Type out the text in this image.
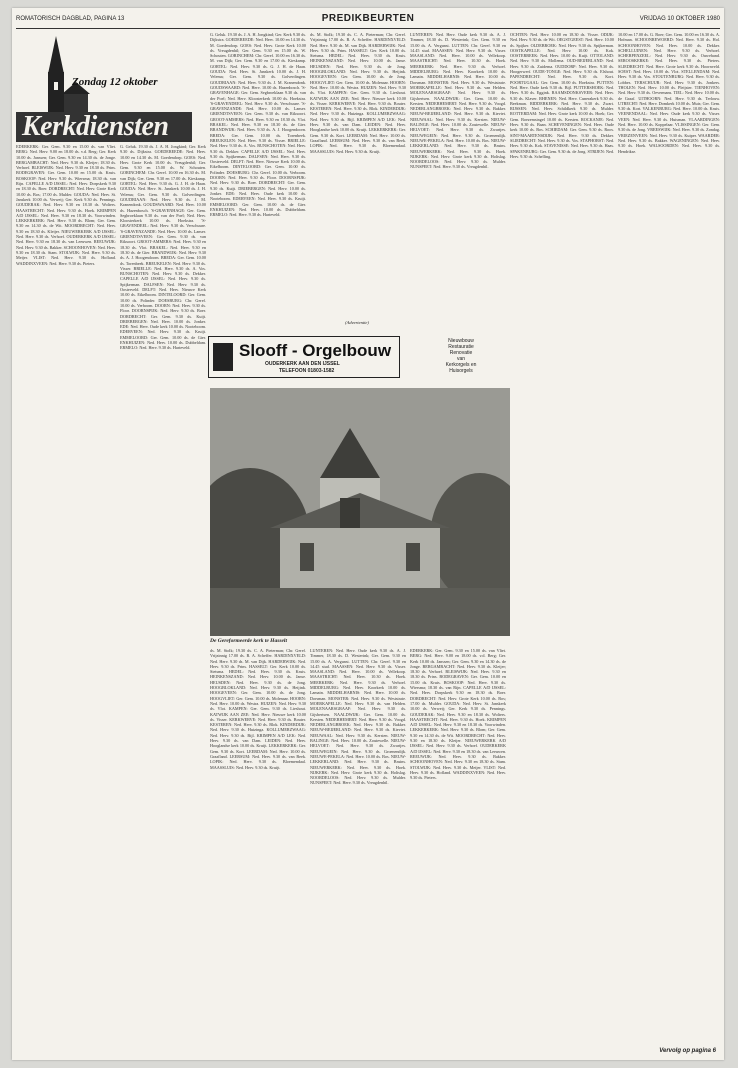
ROMATORISCH DAGBLAD, PAGINA 13	PREDIKBEURTEN	VRIJDAG 10 OKTOBER 1980
Zondag 12 oktober
Kerkdiensten

EDERKERK: Ger. Gem. 9.30 en 15.00 ds. van Vliet. BERG: Ned. Herv. 9.00 en 18.00 ds. v.d. Berg; Ger. Kerk 10.00 ds. Janssen; Ger. Gem. 9.30 en 14.30 ds. de Jonge. BERGAMBACHT: Ned. Herv. 9.30 ds. Kleijer; 18.30 ds. Verhoef. BLEISWIJK: Ned. Herv. 9.30 en 18.30 ds. Prins. BODEGRAVEN: Ger. Gem. 10.00 en 15.00 ds. Kruis. BOSKOOP: Ned. Herv. 9.30 ds. Wiersma; 18.30 ds. van Rijn. CAPELLE A/D IJSSEL: Ned. Herv. Dorpskerk 9.30 en 18.30 ds. Boer. DORDRECHT: Ned. Herv. Grote Kerk 10.00 ds. Bos; 17.00 ds. Mulder. GOUDA: Ned. Herv. St. Janskerk 10.00 ds. Verweij; Ger. Kerk 9.30 ds. Pennings. GOUDERAK: Ned. Herv. 9.30 en 18.30 ds. Wolters. HAASTRECHT: Ned. Herv. 9.30 ds. Hoek. KRIMPEN A/D IJSSEL: Ned. Herv. 9.30 en 18.30 ds. Voorwinden. LEKKERKERK: Ned. Herv. 9.30 ds. Blom; Ger. Gem. 9.30 en 14.30 ds. de Wit. MOORDRECHT: Ned. Herv. 9.30 en 18.30 ds. Kleijer. NIEUWERKERK A/D IJSSEL: Ned. Herv. 9.30 ds. Verhoef. OUDERKERK A/D IJSSEL: Ned. Herv. 9.30 en 18.30 ds. van Leeuwen. REEUWIJK: Ned. Herv. 9.30 ds. Bakker. SCHOONHOVEN: Ned. Herv. 9.30 en 18.30 ds. Stam. STOLWIJK: Ned. Herv. 9.30 ds. Meijer. VLIST: Ned. Herv. 9.30 ds. Hofland. WADDINXVEEN: Ned. Herv. 9.30 ds. Pieters.

G. Geluk. 19.30 ds. J. A. H. Jongkind; Ger. Kerk 9.30 ds. Dijkstra. GOEDEREEDE: Ned. Herv. 10.00 en 14.30 ds. M. Goedendorp. GOES: Ned. Herv. Grote Kerk 10.00 ds. Vreugdenhil; Ger. Gem. 9.30 en 15.00 ds. W. Schouten. GORINCHEM: Chr. Geref. 10.00 en 16.30 ds. M. van Dijk; Ger. Gem. 9.30 en 17.00 ds. Kieskamp. GORTEL: Ned. Herv. 9.30 ds. G. J. H. de Haan. GOUDA: Ned. Herv. St. Janskerk 10.00 ds. J. H. Velema; Ger. Gem. 9.30 ds. Golverdingen. GOUDRIAAN: Ned. Herv. 9.30 ds. J. M. Kranendonk. GOUDSWAARD: Ned. Herv. 10.00 ds. Hazenbosch. 'S-GRAVENHAGE: Ger. Gem. Segbroeklaan 9.30 ds. van der Poel; Ned. Herv. Kloosterkerk 10.00 ds. Hoekstra. 'S-GRAVENDEEL: Ned. Herv. 9.30 ds. Verschuure. 'S-GRAVENZANDE: Ned. Herv. 10.00 ds. Lanser. GRIENDTSVEEN: Ger. Gem. 9.30 ds. van Rikxoort. GROOT-AMMERS: Ned. Herv. 9.30 en 18.30 ds. Vlot. BRAKEL: Ned. Herv. 9.30 en 18.30 ds. de Gier. BRANDWIJK: Ned. Herv. 9.30 ds. A. J. Hoogendoorn. BREDA: Ger. Gem. 10.00 ds. Torenbeek. BREUKELEN: Ned. Herv. 9.30 ds. Visser. BRIELLE: Ned. Herv. 9.30 ds. A. Vos. BUNSCHOTEN: Ned. Herv. 9.30 ds. Dekker. CAPELLE A/D IJSSEL: Ned. Herv. 9.30 ds. Spijkerman. DALFSEN: Ned. Herv. 9.30 ds. Oosterveld. DELFT: Ned. Herv. Nieuwe Kerk 10.00 ds. Eikelboom. DINTELOORD: Ger. Gem. 10.00 ds. Polinder. DOESBURG: Chr. Geref. 10.00 ds. Verboom. DOORN: Ned. Herv. 9.30 ds. Floor. DOORNSPIJK: Ned. Herv. 9.30 ds. Boer. DORDRECHT: Ger. Gem. 9.30 ds. Kuijt. DRIEBERGEN: Ned. Herv. 10.00 ds. Jonker. EDE: Ned. Herv. Oude kerk 10.00 ds. Nooteboom. EDERVEEN: Ned. Herv. 9.30 ds. Kruijt. EMMELOORD: Ger. Gem. 10.00 ds. de Gier. ENKHUIZEN: Ned. Herv. 10.00 ds. Dubbeldam. ERMELO: Ned. Herv. 9.30 ds. Harteveld.

G. Geluk. 19.30 ds. J. A. H. Jongkind; Ger. Kerk 9.30 ds. Dijkstra. GOEDEREEDE: Ned. Herv. 10.00 en 14.30 ds. M. Goedendorp. GOES: Ned. Herv. Grote Kerk 10.00 ds. Vreugdenhil; Ger. Gem. 9.30 en 15.00 ds. W. Schouten. GORINCHEM: Chr. Geref. 10.00 en 16.30 ds. M. van Dijk; Ger. Gem. 9.30 en 17.00 ds. Kieskamp. GORTEL: Ned. Herv. 9.30 ds. G. J. H. de Haan. GOUDA: Ned. Herv. St. Janskerk 10.00 ds. J. H. Velema; Ger. Gem. 9.30 ds. Golverdingen. GOUDRIAAN: Ned. Herv. 9.30 ds. J. M. Kranendonk. GOUDSWAARD: Ned. Herv. 10.00 ds. Hazenbosch. 'S-GRAVENHAGE: Ger. Gem. Segbroeklaan 9.30 ds. van der Poel; Ned. Herv. Kloosterkerk 10.00 ds. Hoekstra. 'S-GRAVENDEEL: Ned. Herv. 9.30 ds. Verschuure. 'S-GRAVENZANDE: Ned. Herv. 10.00 ds. Lanser. GRIENDTSVEEN: Ger. Gem. 9.30 ds. van Rikxoort. GROOT-AMMERS: Ned. Herv. 9.30 en 18.30 ds. Vlot. BRAKEL: Ned. Herv. 9.30 en 18.30 ds. de Gier. BRANDWIJK: Ned. Herv. 9.30 ds. A. J. Hoogendoorn. BREDA: Ger. Gem. 10.00 ds. Torenbeek. BREUKELEN: Ned. Herv. 9.30 ds. Visser. BRIELLE: Ned. Herv. 9.30 ds. A. Vos. BUNSCHOTEN: Ned. Herv. 9.30 ds. Dekker. CAPELLE A/D IJSSEL: Ned. Herv. 9.30 ds. Spijkerman. DALFSEN: Ned. Herv. 9.30 ds. Oosterveld. DELFT: Ned. Herv. Nieuwe Kerk 10.00 ds. Eikelboom. DINTELOORD: Ger. Gem. 10.00 ds. Polinder. DOESBURG: Chr. Geref. 10.00 ds. Verboom. DOORN: Ned. Herv. 9.30 ds. Floor. DOORNSPIJK: Ned. Herv. 9.30 ds. Boer. DORDRECHT: Ger. Gem. 9.30 ds. Kuijt. DRIEBERGEN: Ned. Herv. 10.00 ds. Jonker. EDE: Ned. Herv. Oude kerk 10.00 ds. Nooteboom. EDERVEEN: Ned. Herv. 9.30 ds. Kruijt. EMMELOORD: Ger. Gem. 10.00 ds. de Gier. ENKHUIZEN: Ned. Herv. 10.00 ds. Dubbeldam. ERMELO: Ned. Herv. 9.30 ds. Harteveld.

ds. M. Stolk; 19.30 ds. C. A. Pieterman; Chr. Geref. Vrijzinnig 17.00 ds. B. A. Scheffer. HARDINXVELD: Ned. Herv. 9.30 ds. M. van Dijk. HARDERWIJK: Ned. Herv. 9.30 ds. Prins. HASSELT: Ger. Kerk 10.00 ds. Sietsma. HEDEL: Ned. Herv. 9.30 ds. Kruis. HEINKENSZAND: Ned. Herv. 10.00 ds. Janse. HEUSDEN: Ned. Herv. 9.30 ds. de Jong. HOOGBLOKLAND: Ned. Herv. 9.30 ds. Heijink. HOOGEVEEN: Ger. Gem. 10.00 ds. de Jong. HOOGVLIET: Ger. Gem. 10.00 ds. Molenaar. HOORN: Ned. Herv. 10.00 ds. Westra. HUIZEN: Ned. Herv. 9.30 ds. Vlot. KAMPEN: Ger. Gem. 9.30 ds. Lieshout. KATWIJK AAN ZEE: Ned. Herv. Nieuwe kerk 10.00 ds. Visser. KERKWERVE: Ned. Herv. 9.30 ds. Bouter. KESTEREN: Ned. Herv. 9.30 ds. Blok. KINDERDIJK: Ned. Herv. 9.30 ds. Huizinga. KOLLUMERZWAAG: Ned. Herv. 9.30 ds. Bijl. KRIMPEN A/D LEK: Ned. Herv. 9.30 ds. van Dam. LEIDEN: Ned. Herv. Hooglandse kerk 10.00 ds. Kruijt. LEKKERKERK: Ger. Gem. 9.30 ds. Kort. LEERDAM: Ned. Herv. 10.00 ds. Graafland. LEERSUM: Ned. Herv. 9.30 ds. van Beek. LOPIK: Ned. Herv. 9.30 ds. Bloemendaal. MAASSLUIS: Ned. Herv. 9.30 ds. Kruijt.

LUNTEREN: Ned. Herv. Oude kerk 9.30 ds. A. J. Timmer, 18.30 ds. D. Westerink; Ger. Gem. 9.30 en 15.00 ds. A. Vergunst. LUTTEN: Chr. Geref. 9.30 en 14.45 stud. MAASSEN: Ned. Herv. 9.30 ds. Visser. MAASLAND: Ned. Herv. 10.00 ds. Vellekoop. MAASTRICHT: Ned. Herv. 10.30 ds. Hoek. MEERKERK: Ned. Herv. 9.30 ds. Verhoef. MIDDELBURG: Ned. Herv. Koorkerk 10.00 ds. Lamain. MIDDELHARNIS: Ned. Herv. 10.00 ds. Dorsman. MONSTER: Ned. Herv. 9.30 ds. Weststrate. MOERKAPELLE: Ned. Herv. 9.30 ds. van Helden. MOLENAARSGRAAF: Ned. Herv. 9.30 ds. Gijsbertsen. NAALDWIJK: Ger. Gem. 10.00 ds. Kersten. NEDERHEMERT: Ned. Herv. 9.30 ds. Voogd. NEDERLANGBROEK: Ned. Herv. 9.30 ds. Bakker. NIEUW-BEIJERLAND: Ned. Herv. 9.30 ds. Kieviet. NIEUWAAL: Ned. Herv. 9.30 ds. Kersten. NIEUW-BALINGE: Ned. Herv. 10.00 ds. Zoutewelle. NIEUW-HELVOET: Ned. Herv. 9.30 ds. Zwartjes. NIEUWEGEIN: Ned. Herv. 9.30 ds. Groenendijk. NIEUWE-PEKELA: Ned. Herv. 10.00 ds. Bos. NIEUW-LEKKERLAND: Ned. Herv. 9.30 ds. Bruins. NIEUWERKERK: Ned. Herv. 9.30 ds. Hoek. NIJKERK: Ned. Herv. Grote kerk 9.30 ds. Holtslag. NOORDELOOS: Ned. Herv. 9.30 ds. Mulder. NUNSPEET: Ned. Herv. 9.30 ds. Vreugdenhil.

OCHTEN: Ned. Herv. 10.00 en 18.30 ds. Visser. ODIJK: Ned. Herv. 9.30 ds. de Wit. OEGSTGEEST: Ned. Herv. 10.00 ds. Spijker. OLDEBROEK: Ned. Herv. 9.30 ds. Spijkerman. OOSTKAPELLE: Ned. Herv. 10.00 ds. Kok. OOSTERBEEK: Ned. Herv. 10.00 ds. Kuijt. OTTOLAND: Ned. Herv. 9.30 ds. Mollema. OUD-BEIJERLAND: Ned. Herv. 9.30 ds. Zuidema. OUDDORP: Ned. Herv. 9.30 ds. Hoogerwerf. OUDE-TONGE: Ned. Herv. 9.30 ds. Elshout. PAPENDRECHT: Ned. Herv. 9.30 ds. Kort. POORTUGAAL: Ger. Gem. 10.00 ds. Hoekstra. PUTTEN: Ned. Herv. Oude kerk 9.30 ds. Bijl. PUTTERSHOEK: Ned. Herv. 9.30 ds. Eggink. RAAMSDONKSVEER: Ned. Herv. 9.30 ds. Klaver. RHENEN: Ned. Herv. Cunerakerk 9.30 ds. Beekman. RIDDERKERK: Ned. Herv. 9.30 ds. Zwart. RIJSSEN: Ned. Herv. Schildkerk 9.30 ds. Mulder. ROTTERDAM: Ned. Herv. Grote kerk 10.00 ds. Hoek; Ger. Gem. Boezemsingel 10.00 ds. Kersten. ROCKANJE: Ned. Herv. 9.30 ds. Baan. SCHEVENINGEN: Ned. Herv. Oude kerk 10.00 ds. Bos. SCHIEDAM: Ger. Gem. 9.30 ds. Roos. SINT-MAARTENSDIJK: Ned. Herv. 9.30 ds. Dekker. SLIEDRECHT: Ned. Herv. 9.30 ds. Vos. STAPHORST: Ned. Herv. 9.30 ds. Kok. STAVENISSE: Ned. Herv. 9.30 ds. Haas. SPAKENBURG: Ger. Gem. 9.30 ds. de Jong. STRIJEN: Ned. Herv. 9.30 ds. Schelling.

10.00 en 17.00 ds. G. Boer; Ger. Gem. 10.00 en 16.30 ds. A. Hofman. SCHOONREWOERD: Ned. Herv. 9.30 ds. Hol. SCHOONHOVEN: Ned. Herv. 10.00 ds. Dekker. SCHELLUINEN: Ned. Herv. 9.30 ds. Verhoef. SCHERPENZEEL: Ned. Herv. 9.30 ds. Ouwehand. SEROOSKERKE: Ned. Herv. 9.30 ds. Pieters. SLIEDRECHT: Ned. Herv. Grote kerk 9.30 ds. Hoornveld. SOEST: Ned. Herv. 10.00 ds. Vlot. STELLENDAM: Ned. Herv. 9.30 ds. Vos. STOUTENBURG: Ned. Herv. 9.30 ds. Lobbes. TERSCHUUR: Ned. Herv. 9.30 ds. Jonkers. THOLEN: Ned. Herv. 10.00 ds. Pleijsier. TIENHOVEN: Ned. Herv. 9.30 ds. Oevermans. TIEL: Ned. Herv. 10.00 ds. de Graaf. UITHOORN: Ned. Herv. 9.30 ds. Terlouw. UTRECHT: Ned. Herv. Domkerk 10.00 ds. Muis; Ger. Gem. 9.30 ds. Kort. VALKENBURG: Ned. Herv. 10.00 ds. Kruis. VEENENDAAL: Ned. Herv. Oude kerk 9.30 ds. Visser. VEEN: Ned. Herv. 9.30 ds. Huisman. VLAARDINGEN: Ned. Herv. 10.00 ds. Koppelaar. VLISSINGEN: Ger. Gem. 9.30 ds. de Jong. VREESWIJK: Ned. Herv. 9.30 ds. Zondag. VRIEZENVEEN: Ned. Herv. 9.30 ds. Kuiper. WAARDER: Ned. Herv. 9.30 ds. Bakker. WAGENINGEN: Ned. Herv. 9.30 ds. Hoek. WALSOORDEN: Ned. Herv. 9.30 ds. Hendrikse.

ds. M. Stolk; 19.30 ds. C. A. Pieterman; Chr. Geref. Vrijzinnig 17.00 ds. B. A. Scheffer. HARDINXVELD: Ned. Herv. 9.30 ds. M. van Dijk. HARDERWIJK: Ned. Herv. 9.30 ds. Prins. HASSELT: Ger. Kerk 10.00 ds. Sietsma. HEDEL: Ned. Herv. 9.30 ds. Kruis. HEINKENSZAND: Ned. Herv. 10.00 ds. Janse. HEUSDEN: Ned. Herv. 9.30 ds. de Jong. HOOGBLOKLAND: Ned. Herv. 9.30 ds. Heijink. HOOGEVEEN: Ger. Gem. 10.00 ds. de Jong. HOOGVLIET: Ger. Gem. 10.00 ds. Molenaar. HOORN: Ned. Herv. 10.00 ds. Westra. HUIZEN: Ned. Herv. 9.30 ds. Vlot. KAMPEN: Ger. Gem. 9.30 ds. Lieshout. KATWIJK AAN ZEE: Ned. Herv. Nieuwe kerk 10.00 ds. Visser. KERKWERVE: Ned. Herv. 9.30 ds. Bouter. KESTEREN: Ned. Herv. 9.30 ds. Blok. KINDERDIJK: Ned. Herv. 9.30 ds. Huizinga. KOLLUMERZWAAG: Ned. Herv. 9.30 ds. Bijl. KRIMPEN A/D LEK: Ned. Herv. 9.30 ds. van Dam. LEIDEN: Ned. Herv. Hooglandse kerk 10.00 ds. Kruijt. LEKKERKERK: Ger. Gem. 9.30 ds. Kort. LEERDAM: Ned. Herv. 10.00 ds. Graafland. LEERSUM: Ned. Herv. 9.30 ds. van Beek. LOPIK: Ned. Herv. 9.30 ds. Bloemendaal. MAASSLUIS: Ned. Herv. 9.30 ds. Kruijt.

LUNTEREN: Ned. Herv. Oude kerk 9.30 ds. A. J. Timmer, 18.30 ds. D. Westerink; Ger. Gem. 9.30 en 15.00 ds. A. Vergunst. LUTTEN: Chr. Geref. 9.30 en 14.45 stud. MAASSEN: Ned. Herv. 9.30 ds. Visser. MAASLAND: Ned. Herv. 10.00 ds. Vellekoop. MAASTRICHT: Ned. Herv. 10.30 ds. Hoek. MEERKERK: Ned. Herv. 9.30 ds. Verhoef. MIDDELBURG: Ned. Herv. Koorkerk 10.00 ds. Lamain. MIDDELHARNIS: Ned. Herv. 10.00 ds. Dorsman. MONSTER: Ned. Herv. 9.30 ds. Weststrate. MOERKAPELLE: Ned. Herv. 9.30 ds. van Helden. MOLENAARSGRAAF: Ned. Herv. 9.30 ds. Gijsbertsen. NAALDWIJK: Ger. Gem. 10.00 ds. Kersten. NEDERHEMERT: Ned. Herv. 9.30 ds. Voogd. NEDERLANGBROEK: Ned. Herv. 9.30 ds. Bakker. NIEUW-BEIJERLAND: Ned. Herv. 9.30 ds. Kieviet. NIEUWAAL: Ned. Herv. 9.30 ds. Kersten. NIEUW-BALINGE: Ned. Herv. 10.00 ds. Zoutewelle. NIEUW-HELVOET: Ned. Herv. 9.30 ds. Zwartjes. NIEUWEGEIN: Ned. Herv. 9.30 ds. Groenendijk. NIEUWE-PEKELA: Ned. Herv. 10.00 ds. Bos. NIEUW-LEKKERLAND: Ned. Herv. 9.30 ds. Bruins. NIEUWERKERK: Ned. Herv. 9.30 ds. Hoek. NIJKERK: Ned. Herv. Grote kerk 9.30 ds. Holtslag. NOORDELOOS: Ned. Herv. 9.30 ds. Mulder. NUNSPEET: Ned. Herv. 9.30 ds. Vreugdenhil.

EDERKERK: Ger. Gem. 9.30 en 15.00 ds. van Vliet. BERG: Ned. Herv. 9.00 en 18.00 ds. v.d. Berg; Ger. Kerk 10.00 ds. Janssen; Ger. Gem. 9.30 en 14.30 ds. de Jonge. BERGAMBACHT: Ned. Herv. 9.30 ds. Kleijer; 18.30 ds. Verhoef. BLEISWIJK: Ned. Herv. 9.30 en 18.30 ds. Prins. BODEGRAVEN: Ger. Gem. 10.00 en 15.00 ds. Kruis. BOSKOOP: Ned. Herv. 9.30 ds. Wiersma; 18.30 ds. van Rijn. CAPELLE A/D IJSSEL: Ned. Herv. Dorpskerk 9.30 en 18.30 ds. Boer. DORDRECHT: Ned. Herv. Grote Kerk 10.00 ds. Bos; 17.00 ds. Mulder. GOUDA: Ned. Herv. St. Janskerk 10.00 ds. Verweij; Ger. Kerk 9.30 ds. Pennings. GOUDERAK: Ned. Herv. 9.30 en 18.30 ds. Wolters. HAASTRECHT: Ned. Herv. 9.30 ds. Hoek. KRIMPEN A/D IJSSEL: Ned. Herv. 9.30 en 18.30 ds. Voorwinden. LEKKERKERK: Ned. Herv. 9.30 ds. Blom; Ger. Gem. 9.30 en 14.30 ds. de Wit. MOORDRECHT: Ned. Herv. 9.30 en 18.30 ds. Kleijer. NIEUWERKERK A/D IJSSEL: Ned. Herv. 9.30 ds. Verhoef. OUDERKERK A/D IJSSEL: Ned. Herv. 9.30 en 18.30 ds. van Leeuwen. REEUWIJK: Ned. Herv. 9.30 ds. Bakker. SCHOONHOVEN: Ned. Herv. 9.30 en 18.30 ds. Stam. STOLWIJK: Ned. Herv. 9.30 ds. Meijer. VLIST: Ned. Herv. 9.30 ds. Hofland. WADDINXVEEN: Ned. Herv. 9.30 ds. Pieters.

(Advertentie)
Slooff - Orgelbouw
OUDERKERK AAN DEN IJSSEL
TELEFOON 01803-1582
Nieuwbouw
Restauratie
Renovatie
van
Kerkorgels en
Huisorgels
De Gereformeerde kerk te Hasselt
Vervolg op pagina 6
